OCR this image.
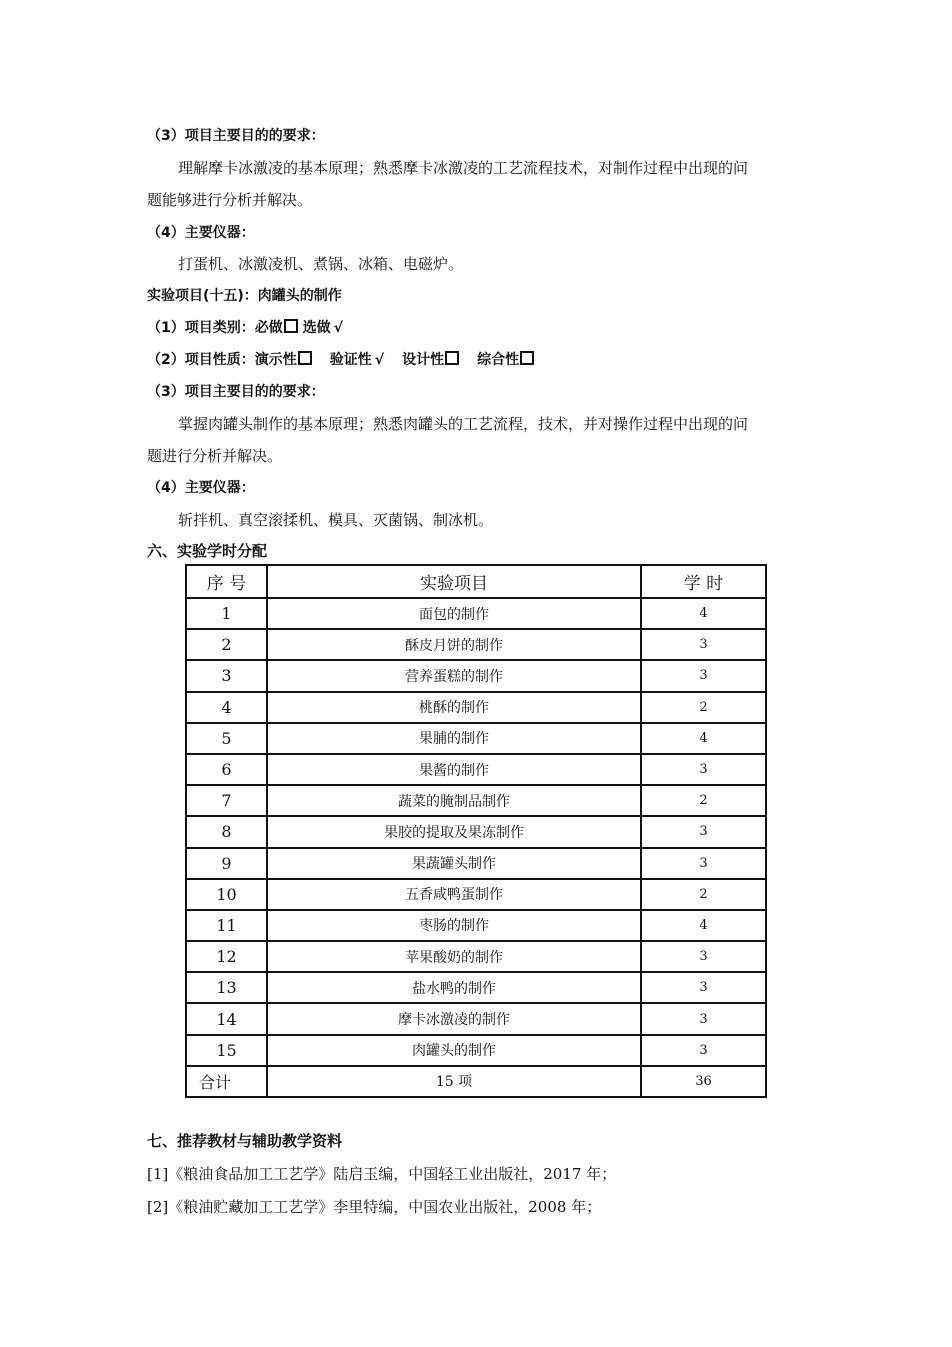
（3）项目主要目的的要求：
理解摩卡冰激凌的基本原理；熟悉摩卡冰激凌的工艺流程技术，对制作过程中出现的问
题能够进行分析并解决。
（4）主要仪器：
打蛋机、冰激凌机、煮锅、冰箱、电磁炉。
实验项目(十五)：肉罐头的制作
（1）项目类别：必做 选做 √
（2）项目性质：演示性 验证性 √ 设计性 综合性
（3）项目主要目的的要求：
掌握肉罐头制作的基本原理；熟悉肉罐头的工艺流程，技术，并对操作过程中出现的问
题进行分析并解决。
（4）主要仪器：
斩拌机、真空滚揉机、模具、灭菌锅、制冰机。
六、实验学时分配
序 号	实验项目	学 时
1	面包的制作	4
2	酥皮月饼的制作	3
3	营养蛋糕的制作	3
4	桃酥的制作	2
5	果脯的制作	4
6	果酱的制作	3
7	蔬菜的腌制品制作	2
8	果胶的提取及果冻制作	3
9	果蔬罐头制作	3
10	五香咸鸭蛋制作	2
11	枣肠的制作	4
12	苹果酸奶的制作	3
13	盐水鸭的制作	3
14	摩卡冰激凌的制作	3
15	肉罐头的制作	3
合计	15 项	36
七、推荐教材与辅助教学资料
[1]《粮油食品加工工艺学》陆启玉编，中国轻工业出版社，2017 年；
[2]《粮油贮藏加工工艺学》李里特编，中国农业出版社，2008 年；
